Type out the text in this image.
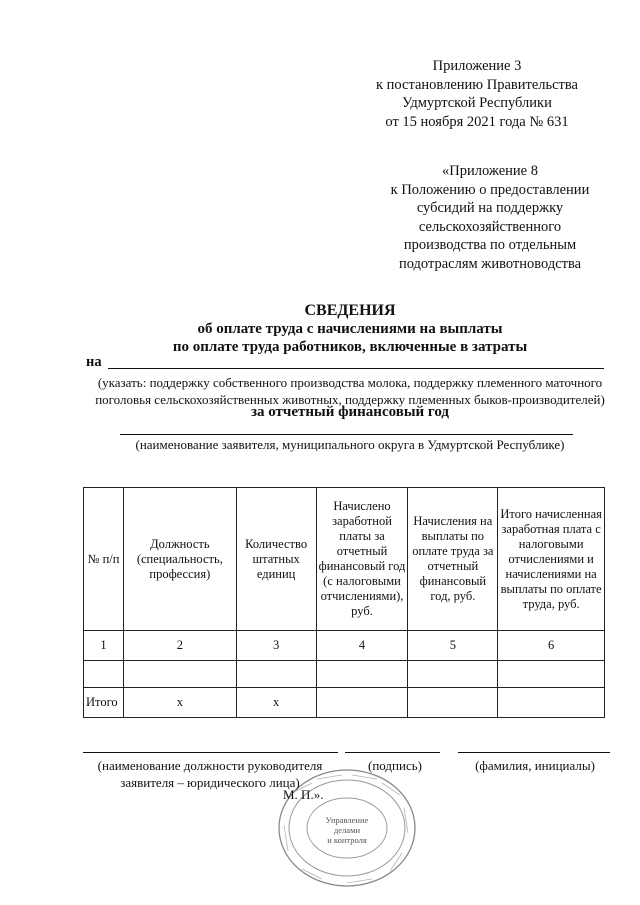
Приложение 3
к постановлению Правительства
Удмуртской Республики
от 15 ноября 2021 года № 631
«Приложение 8
к Положению о предоставлении
субсидий на поддержку
сельскохозяйственного
производства по отдельным
подотраслям животноводства
СВЕДЕНИЯ
об оплате труда с начислениями на выплаты
по оплате труда работников, включенные в затраты
на
(указать: поддержку собственного производства молока, поддержку племенного маточного
поголовья сельскохозяйственных животных, поддержку племенных быков-производителей)
за отчетный финансовый год
(наименование заявителя, муниципального округа в Удмуртской Республике)
№ п/п	Должность (специальность, профессия)	Количество штатных единиц	Начислено заработной платы за отчетный финансовый год (с налоговыми отчислениями), руб.	Начисления на выплаты по оплате труда за отчетный финансовый год, руб.	Итого начисленная заработная плата с налоговыми отчислениями и начислениями на выплаты по оплате труда, руб.
1	2	3	4	5	6

Итого	х	х			
Управление
делами
и контроля
(наименование должности руководителя
заявителя – юридического лица)
(подпись)	(фамилия, инициалы)
М. П.».
